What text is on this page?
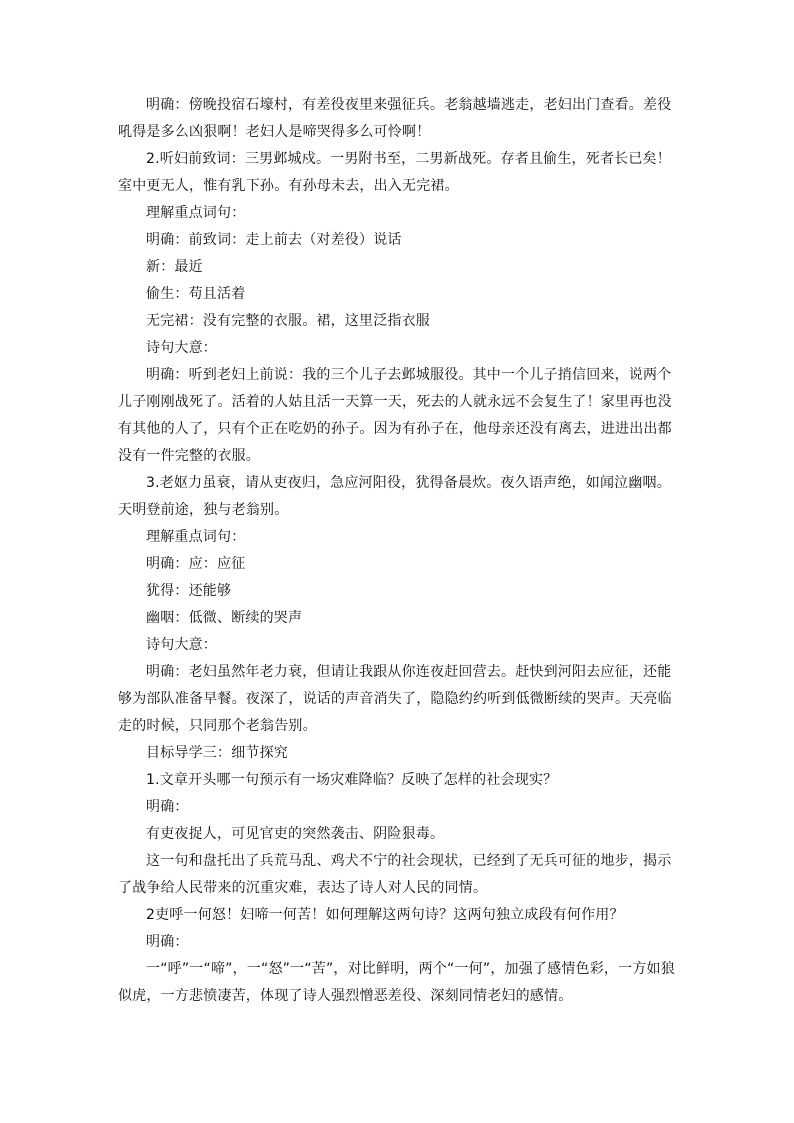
明确：傍晚投宿石壕村，有差役夜里来强征兵。老翁越墙逃走，老妇出门查看。差役吼得是多么凶狠啊！老妇人是啼哭得多么可怜啊！

2.听妇前致词：三男邺城戍。一男附书至，二男新战死。存者且偷生，死者长已矣！室中更无人，惟有乳下孙。有孙母未去，出入无完裙。

理解重点词句：

明确：前致词：走上前去（对差役）说话

新：最近

偷生：苟且活着

无完裙：没有完整的衣服。裙，这里泛指衣服

诗句大意：

明确：听到老妇上前说：我的三个儿子去邺城服役。其中一个儿子捎信回来，说两个儿子刚刚战死了。活着的人姑且活一天算一天，死去的人就永远不会复生了！家里再也没有其他的人了，只有个正在吃奶的孙子。因为有孙子在，他母亲还没有离去，进进出出都没有一件完整的衣服。

3.老妪力虽衰，请从吏夜归，急应河阳役，犹得备晨炊。夜久语声绝，如闻泣幽咽。天明登前途，独与老翁别。

理解重点词句：

明确：应：应征

犹得：还能够

幽咽：低微、断续的哭声

诗句大意：

明确：老妇虽然年老力衰，但请让我跟从你连夜赶回营去。赶快到河阳去应征，还能够为部队准备早餐。夜深了，说话的声音消失了，隐隐约约听到低微断续的哭声。天亮临走的时候，只同那个老翁告别。

目标导学三：细节探究

1.文章开头哪一句预示有一场灾难降临？反映了怎样的社会现实？

明确：

有吏夜捉人，可见官吏的突然袭击、阴险狠毒。

这一句和盘托出了兵荒马乱、鸡犬不宁的社会现状，已经到了无兵可征的地步，揭示了战争给人民带来的沉重灾难，表达了诗人对人民的同情。

2吏呼一何怒！妇啼一何苦！如何理解这两句诗？这两句独立成段有何作用？

明确：

一“呼”一“啼”，一“怒”一“苦”，对比鲜明，两个“一何”，加强了感情色彩，一方如狼似虎，一方悲愤凄苦，体现了诗人强烈憎恶差役、深刻同情老妇的感情。
